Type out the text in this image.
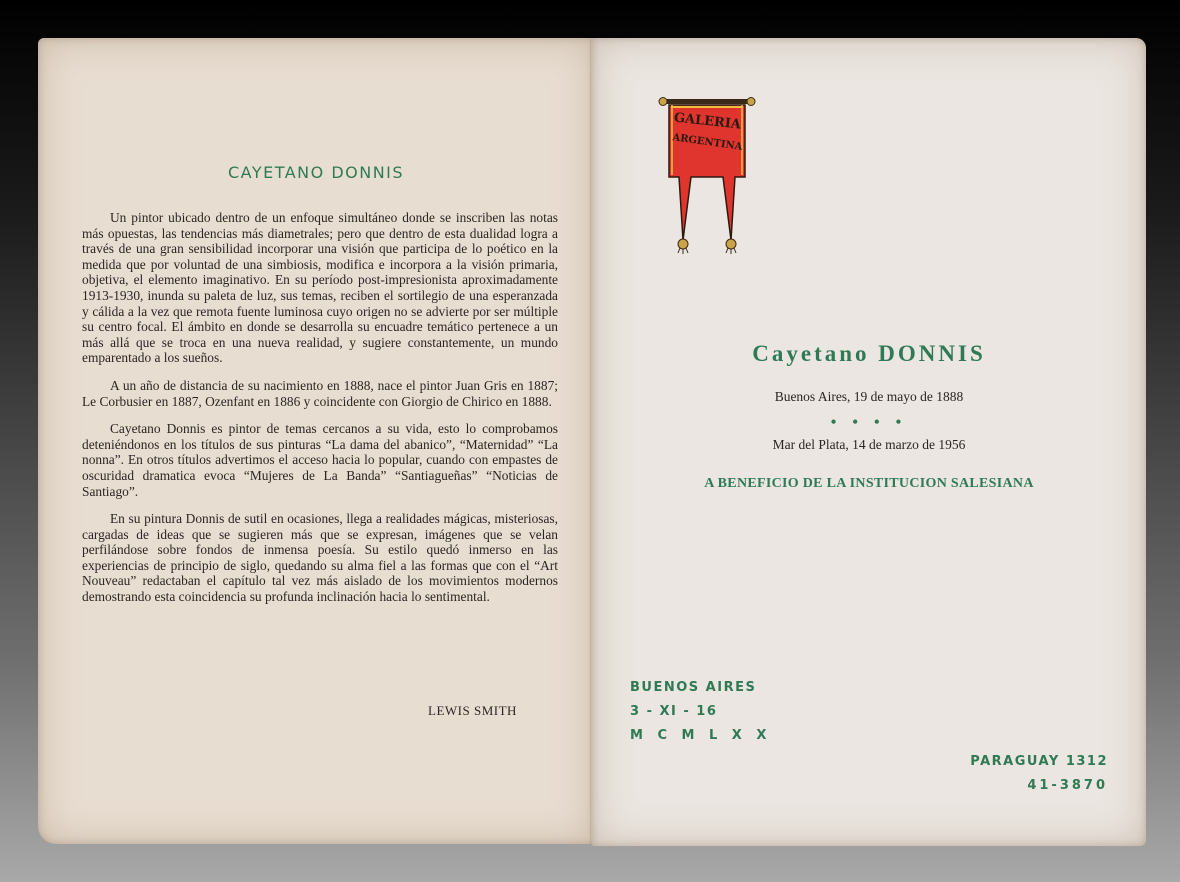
CAYETANO DONNIS

Un pintor ubicado dentro de un enfoque simultáneo donde se inscriben las notas más opuestas, las tendencias más diametrales; pero que dentro de esta dualidad logra a través de una gran sensibilidad incorporar una visión que participa de lo poético en la medida que por voluntad de una simbiosis, modifica e incorpora a la visión primaria, objetiva, el elemento imaginativo. En su período post-impresionista aproximadamente 1913-1930, inunda su paleta de luz, sus temas, reciben el sortilegio de una esperanzada y cálida a la vez que remota fuente luminosa cuyo origen no se advierte por ser múltiple su centro focal. El ámbito en donde se desarrolla su encuadre temático pertenece a un más allá que se troca en una nueva realidad, y sugiere constantemente, un mundo emparentado a los sueños.

A un año de distancia de su nacimiento en 1888, nace el pintor Juan Gris en 1887; Le Corbusier en 1887, Ozenfant en 1886 y coincidente con Giorgio de Chirico en 1888.

Cayetano Donnis es pintor de temas cercanos a su vida, esto lo comprobamos deteniéndonos en los títulos de sus pinturas “La dama del abanico”, “Maternidad” “La nonna”. En otros títulos advertimos el acceso hacia lo popular, cuando con empastes de oscuridad dramatica evoca “Mujeres de La Banda” “Santiagueñas” “Noticias de Santiago”.

En su pintura Donnis de sutil en ocasiones, llega a realidades mágicas, misteriosas, cargadas de ideas que se sugieren más que se expresan, imágenes que se velan perfilándose sobre fondos de inmensa poesía. Su estilo quedó inmerso en las experiencias de principio de siglo, quedando su alma fiel a las formas que con el “Art Nouveau” redactaban el capítulo tal vez más aislado de los movimientos modernos demostrando esta coincidencia su profunda inclinación hacia lo sentimental.

LEWIS SMITH
GALERIA
ARGENTINA
Cayetano DONNIS
Buenos Aires, 19 de mayo de 1888
• • • •
Mar del Plata, 14 de marzo de 1956
A BENEFICIO DE LA INSTITUCION SALESIANA
BUENOS AIRES
3 - XI - 16
M C M L X X
PARAGUAY 1312
41-3870
